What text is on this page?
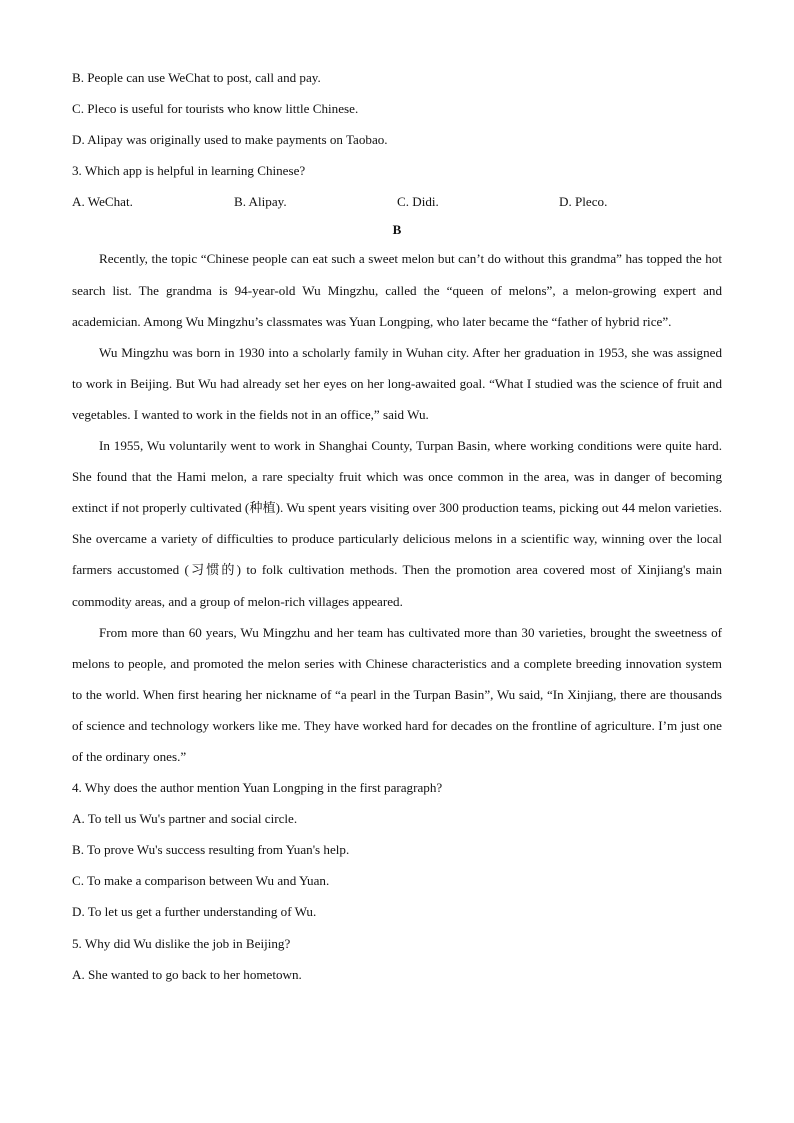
B. People can use WeChat to post, call and pay.

C. Pleco is useful for tourists who know little Chinese.

D. Alipay was originally used to make payments on Taobao.

3. Which app is helpful in learning Chinese?

A. WeChat.	B. Alipay.	C. Didi.	D. Pleco.

B

Recently, the topic “Chinese people can eat such a sweet melon but can’t do without this grandma” has topped the hot search list. The grandma is 94-year-old Wu Mingzhu, called the “queen of melons”, a melon-growing expert and academician. Among Wu Mingzhu’s classmates was Yuan Longping, who later became the “father of hybrid rice”.

Wu Mingzhu was born in 1930 into a scholarly family in Wuhan city. After her graduation in 1953, she was assigned to work in Beijing. But Wu had already set her eyes on her long-awaited goal. “What I studied was the science of fruit and vegetables. I wanted to work in the fields not in an office,” said Wu.

In 1955, Wu voluntarily went to work in Shanghai County, Turpan Basin, where working conditions were quite hard. She found that the Hami melon, a rare specialty fruit which was once common in the area, was in danger of becoming extinct if not properly cultivated (种植). Wu spent years visiting over 300 production teams, picking out 44 melon varieties. She overcame a variety of difficulties to produce particularly delicious melons in a scientific way, winning over the local farmers accustomed (习惯的) to folk cultivation methods. Then the promotion area covered most of Xinjiang's main commodity areas, and a group of melon-rich villages appeared.

From more than 60 years, Wu Mingzhu and her team has cultivated more than 30 varieties, brought the sweetness of melons to people, and promoted the melon series with Chinese characteristics and a complete breeding innovation system to the world. When first hearing her nickname of “a pearl in the Turpan Basin”, Wu said, “In Xinjiang, there are thousands of science and technology workers like me. They have worked hard for decades on the frontline of agriculture. I’m just one of the ordinary ones.”

4. Why does the author mention Yuan Longping in the first paragraph?

A. To tell us Wu's partner and social circle.

B. To prove Wu's success resulting from Yuan's help.

C. To make a comparison between Wu and Yuan.

D. To let us get a further understanding of Wu.

5. Why did Wu dislike the job in Beijing?

A. She wanted to go back to her hometown.
